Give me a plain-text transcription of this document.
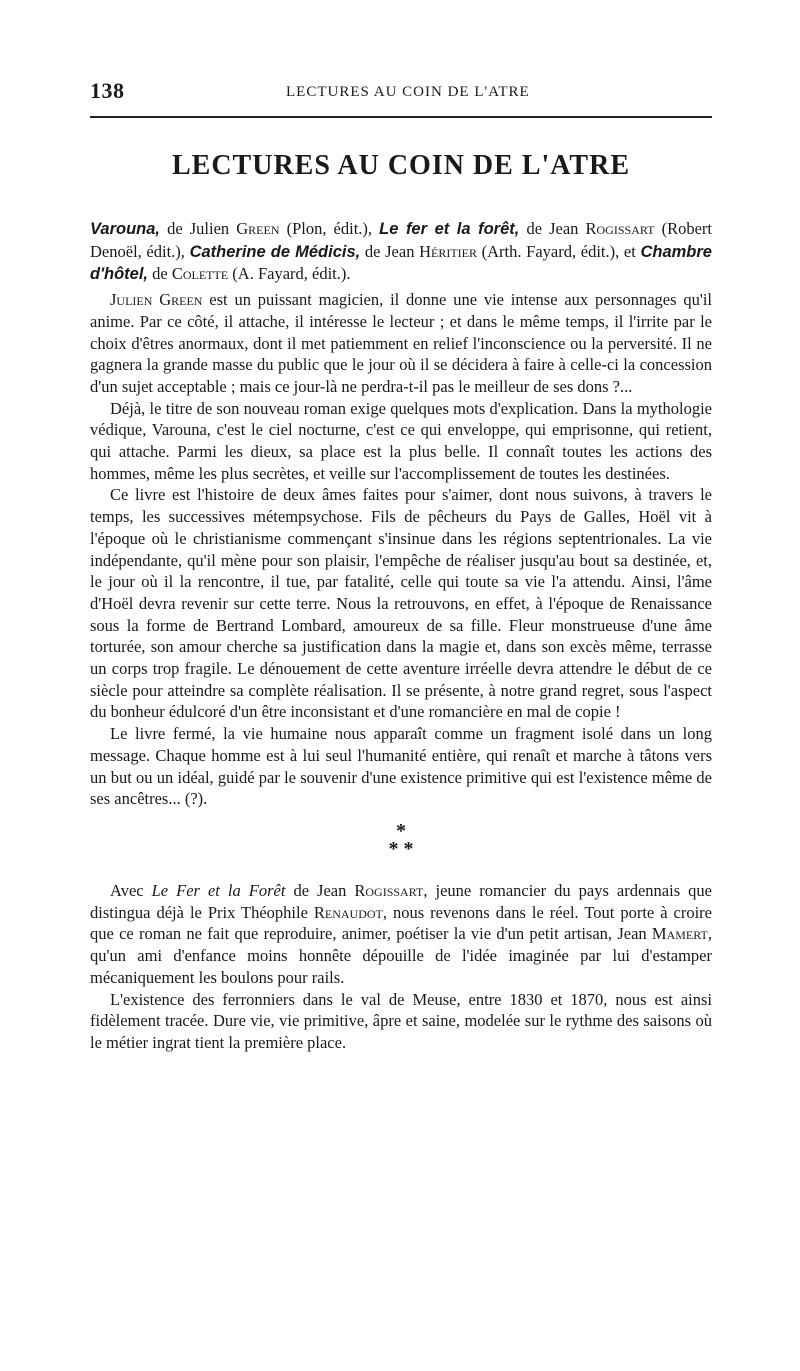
138	LECTURES AU COIN DE L'ATRE
LECTURES AU COIN DE L'ATRE

Varouna, de Julien Green (Plon, édit.), Le fer et la forêt, de Jean Rogissart (Robert Denoël, édit.), Catherine de Médicis, de Jean Héritier (Arth. Fayard, édit.), et Chambre d'hôtel, de Colette (A. Fayard, édit.).

Julien Green est un puissant magicien, il donne une vie intense aux personnages qu'il anime. Par ce côté, il attache, il intéresse le lecteur ; et dans le même temps, il l'irrite par le choix d'êtres anormaux, dont il met patiemment en relief l'inconscience ou la perversité. Il ne gagnera la grande masse du public que le jour où il se décidera à faire à celle-ci la concession d'un sujet acceptable ; mais ce jour-là ne perdra-t-il pas le meilleur de ses dons ?...

Déjà, le titre de son nouveau roman exige quelques mots d'explication. Dans la mythologie védique, Varouna, c'est le ciel nocturne, c'est ce qui enveloppe, qui emprisonne, qui retient, qui attache. Parmi les dieux, sa place est la plus belle. Il connaît toutes les actions des hommes, même les plus secrètes, et veille sur l'accomplissement de toutes les destinées.

Ce livre est l'histoire de deux âmes faites pour s'aimer, dont nous suivons, à travers le temps, les successives métempsychose. Fils de pêcheurs du Pays de Galles, Hoël vit à l'époque où le christianisme commençant s'insinue dans les régions septentrionales. La vie indépendante, qu'il mène pour son plaisir, l'empêche de réaliser jusqu'au bout sa destinée, et, le jour où il la rencontre, il tue, par fatalité, celle qui toute sa vie l'a attendu. Ainsi, l'âme d'Hoël devra revenir sur cette terre. Nous la retrouvons, en effet, à l'époque de Renaissance sous la forme de Bertrand Lombard, amoureux de sa fille. Fleur monstrueuse d'une âme torturée, son amour cherche sa justification dans la magie et, dans son excès même, terrasse un corps trop fragile. Le dénouement de cette aventure irréelle devra attendre le début de ce siècle pour atteindre sa complète réalisation. Il se présente, à notre grand regret, sous l'aspect du bonheur édulcoré d'un être inconsistant et d'une romancière en mal de copie !

Le livre fermé, la vie humaine nous apparaît comme un fragment isolé dans un long message. Chaque homme est à lui seul l'humanité entière, qui renaît et marche à tâtons vers un but ou un idéal, guidé par le souvenir d'une existence primitive qui est l'existence même de ses ancêtres... (?).

*
* *

Avec Le Fer et la Forêt de Jean Rogissart, jeune romancier du pays ardennais que distingua déjà le Prix Théophile Renaudot, nous revenons dans le réel. Tout porte à croire que ce roman ne fait que reproduire, animer, poétiser la vie d'un petit artisan, Jean Mamert, qu'un ami d'enfance moins honnête dépouille de l'idée imaginée par lui d'estamper mécaniquement les boulons pour rails.

L'existence des ferronniers dans le val de Meuse, entre 1830 et 1870, nous est ainsi fidèlement tracée. Dure vie, vie primitive, âpre et saine, modelée sur le rythme des saisons où le métier ingrat tient la première place.
